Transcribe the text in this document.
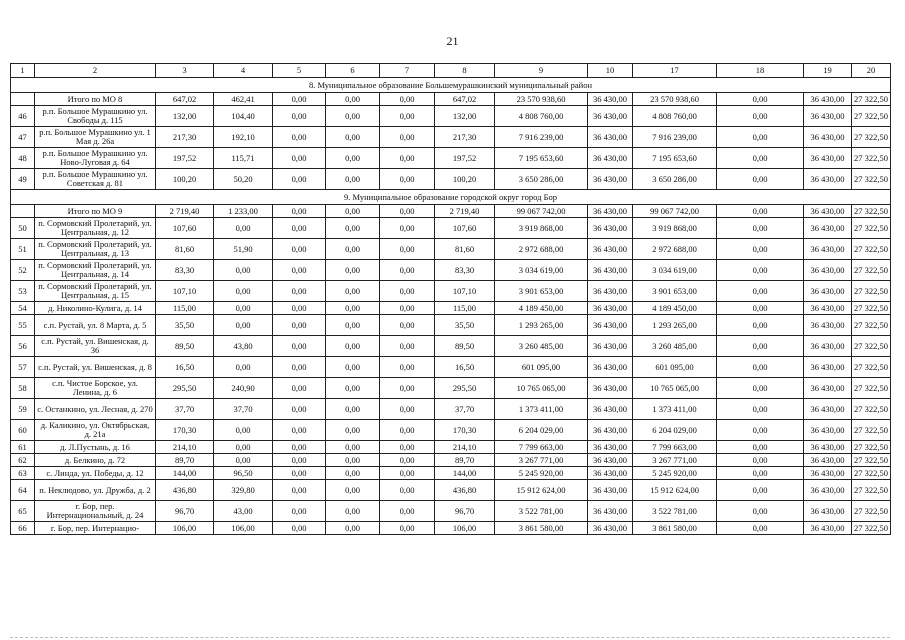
21
1	2	3	4	5	6	7	8	9	10	17	18	19	20
8. Муниципальное образование Большемурашкинский муниципальный район													
	Итого по МО 8	647,02	462,41	0,00	0,00	0,00	647,02	23 570 938,60	36 430,00	23 570 938,60	0,00	36 430,00	27 322,50
46	р.п. Большое Мурашкино ул. Свободы д. 115	132,00	104,40	0,00	0,00	0,00	132,00	4 808 760,00	36 430,00	4 808 760,00	0,00	36 430,00	27 322,50
47	р.п. Большое Мурашкино ул. 1 Мая д. 26а	217,30	192,10	0,00	0,00	0,00	217,30	7 916 239,00	36 430,00	7 916 239,00	0,00	36 430,00	27 322,50
48	р.п. Большое Мурашкино ул. Ново-Луговая д. 64	197,52	115,71	0,00	0,00	0,00	197,52	7 195 653,60	36 430,00	7 195 653,60	0,00	36 430,00	27 322,50
49	р.п. Большое Мурашкино ул. Советская д. 81	100,20	50,20	0,00	0,00	0,00	100,20	3 650 286,00	36 430,00	3 650 286,00	0,00	36 430,00	27 322,50
9. Муниципальное образование городской округ город Бор													
	Итого по МО 9	2 719,40	1 233,00	0,00	0,00	0,00	2 719,40	99 067 742,00	36 430,00	99 067 742,00	0,00	36 430,00	27 322,50
50	п. Сормовский Пролетарий, ул. Центральная, д. 12	107,60	0,00	0,00	0,00	0,00	107,60	3 919 868,00	36 430,00	3 919 868,00	0,00	36 430,00	27 322,50
51	п. Сормовский Пролетарий, ул. Центральная, д. 13	81,60	51,90	0,00	0,00	0,00	81,60	2 972 688,00	36 430,00	2 972 688,00	0,00	36 430,00	27 322,50
52	п. Сормовский Пролетарий, ул. Центральная, д. 14	83,30	0,00	0,00	0,00	0,00	83,30	3 034 619,00	36 430,00	3 034 619,00	0,00	36 430,00	27 322,50
53	п. Сормовский Пролетарий, ул. Центральная, д. 15	107,10	0,00	0,00	0,00	0,00	107,10	3 901 653,00	36 430,00	3 901 653,00	0,00	36 430,00	27 322,50
54	д. Николино-Кулига, д. 14	115,00	0,00	0,00	0,00	0,00	115,00	4 189 450,00	36 430,00	4 189 450,00	0,00	36 430,00	27 322,50
55	с.п. Рустай, ул. 8 Марта, д. 5	35,50	0,00	0,00	0,00	0,00	35,50	1 293 265,00	36 430,00	1 293 265,00	0,00	36 430,00	27 322,50
56	с.п. Рустай, ул. Вишенская, д. 36	89,50	43,80	0,00	0,00	0,00	89,50	3 260 485,00	36 430,00	3 260 485,00	0,00	36 430,00	27 322,50
57	с.п. Рустай, ул. Вишенская, д. 8	16,50	0,00	0,00	0,00	0,00	16,50	601 095,00	36 430,00	601 095,00	0,00	36 430,00	27 322,50
58	с.п. Чистое Борское, ул. Ленина, д. 6	295,50	240,90	0,00	0,00	0,00	295,50	10 765 065,00	36 430,00	10 765 065,00	0,00	36 430,00	27 322,50
59	с. Останкино, ул. Лесная, д. 270	37,70	37,70	0,00	0,00	0,00	37,70	1 373 411,00	36 430,00	1 373 411,00	0,00	36 430,00	27 322,50
60	д. Каликино, ул. Октябрьская, д. 21а	170,30	0,00	0,00	0,00	0,00	170,30	6 204 029,00	36 430,00	6 204 029,00	0,00	36 430,00	27 322,50
61	д. Л.Пустынь, д. 16	214,10	0,00	0,00	0,00	0,00	214,10	7 799 663,00	36 430,00	7 799 663,00	0,00	36 430,00	27 322,50
62	д. Белкино, д. 72	89,70	0,00	0,00	0,00	0,00	89,70	3 267 771,00	36 430,00	3 267 771,00	0,00	36 430,00	27 322,50
63	с. Линда, ул. Победы, д. 12	144,00	96,50	0,00	0,00	0,00	144,00	5 245 920,00	36 430,00	5 245 920,00	0,00	36 430,00	27 322,50
64	п. Неклюдово, ул. Дружба, д. 2	436,80	329,80	0,00	0,00	0,00	436,80	15 912 624,00	36 430,00	15 912 624,00	0,00	36 430,00	27 322,50
65	г. Бор, пер. Интернациональный, д. 24	96,70	43,00	0,00	0,00	0,00	96,70	3 522 781,00	36 430,00	3 522 781,00	0,00	36 430,00	27 322,50
66	г. Бор, пер. Интернацио-	106,00	106,00	0,00	0,00	0,00	106,00	3 861 580,00	36 430,00	3 861 580,00	0,00	36 430,00	27 322,50
